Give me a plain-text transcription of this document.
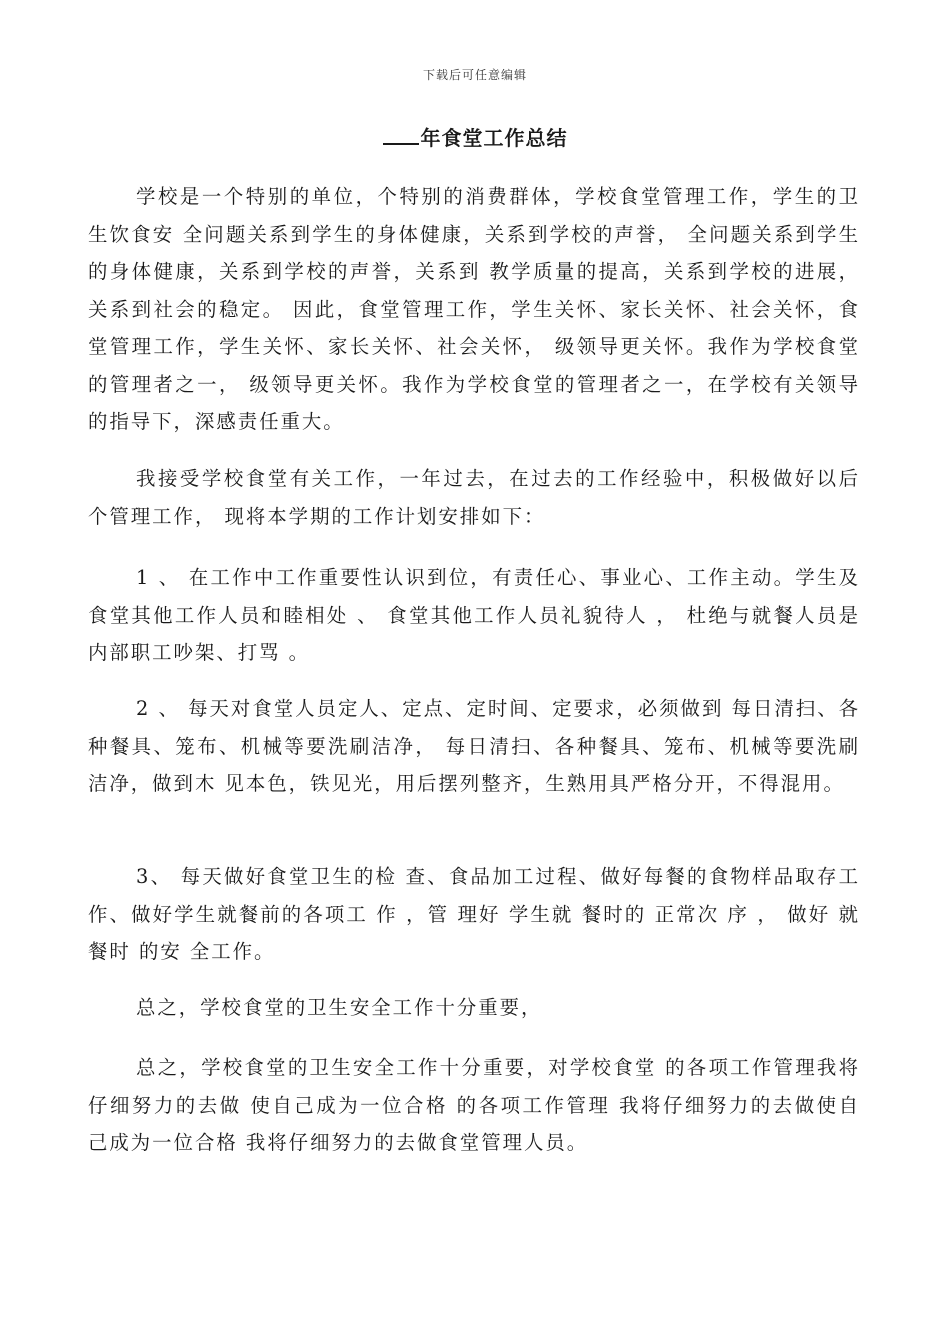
下载后可任意编辑
年食堂工作总结

学校是一个特别的单位，个特别的消费群体，学校食堂管理工作，学生的卫生饮食安 全问题关系到学生的身体健康，关系到学校的声誉， 全问题关系到学生的身体健康，关系到学校的声誉，关系到 教学质量的提高，关系到学校的进展，关系到社会的稳定。 因此，食堂管理工作，学生关怀、家长关怀、社会关怀，食堂管理工作，学生关怀、家长关怀、社会关怀， 级领导更关怀。我作为学校食堂的管理者之一， 级领导更关怀。我作为学校食堂的管理者之一，在学校有关领导的指导下，深感责任重大。

我接受学校食堂有关工作，一年过去，在过去的工作经验中，积极做好以后个管理工作， 现将本学期的工作计划安排如下：

1 、 在工作中工作重要性认识到位，有责任心、事业心、工作主动。学生及食堂其他工作人员和睦相处 、 食堂其他工作人员礼貌待人 ， 杜绝与就餐人员是内部职工吵架、打骂 。

2 、 每天对食堂人员定人、定点、定时间、定要求，必须做到 每日清扫、各种餐具、笼布、机械等要洗刷洁净， 每日清扫、各种餐具、笼布、机械等要洗刷洁净，做到木 见本色，铁见光，用后摆列整齐，生熟用具严格分开，不得混用。

3、 每天做好食堂卫生的检 查、食品加工过程、做好每餐的食物样品取存工作、做好学生就餐前的各项工 作 ，管 理好 学生就 餐时的 正常次 序 ， 做好 就餐时 的安 全工作。

总之，学校食堂的卫生安全工作十分重要，

总之，学校食堂的卫生安全工作十分重要，对学校食堂 的各项工作管理我将仔细努力的去做 使自己成为一位合格 的各项工作管理 我将仔细努力的去做使自己成为一位合格 我将仔细努力的去做食堂管理人员。
